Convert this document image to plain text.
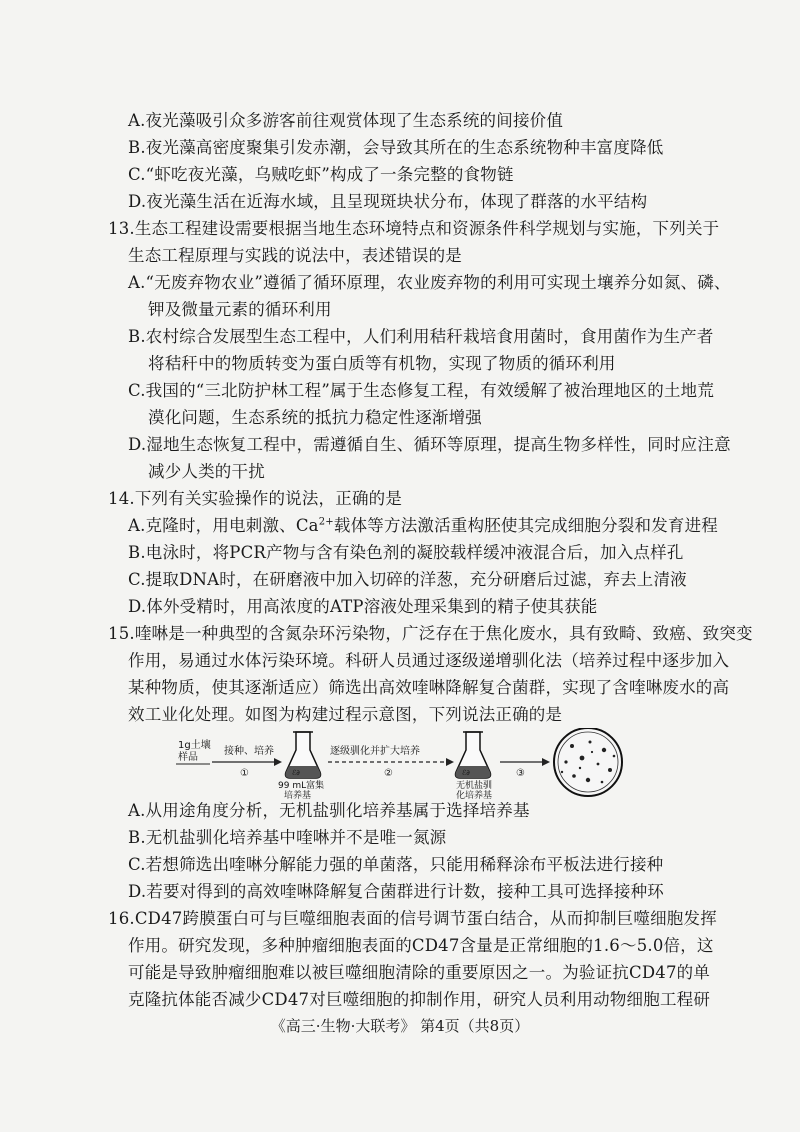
A.夜光藻吸引众多游客前往观赏体现了生态系统的间接价值
B.夜光藻高密度聚集引发赤潮，会导致其所在的生态系统物种丰富度降低
C.“虾吃夜光藻，乌贼吃虾”构成了一条完整的食物链
D.夜光藻生活在近海水域，且呈现斑块状分布，体现了群落的水平结构
13.生态工程建设需要根据当地生态环境特点和资源条件科学规划与实施，下列关于
生态工程原理与实践的说法中，表述错误的是
A.“无废弃物农业”遵循了循环原理，农业废弃物的利用可实现土壤养分如氮、磷、
钾及微量元素的循环利用
B.农村综合发展型生态工程中，人们利用秸秆栽培食用菌时，食用菌作为生产者
将秸秆中的物质转变为蛋白质等有机物，实现了物质的循环利用
C.我国的“三北防护林工程”属于生态修复工程，有效缓解了被治理地区的土地荒
漠化问题，生态系统的抵抗力稳定性逐渐增强
D.湿地生态恢复工程中，需遵循自生、循环等原理，提高生物多样性，同时应注意
减少人类的干扰
14.下列有关实验操作的说法，正确的是
A.克隆时，用电刺激、$Ca^{2+}$载体等方法激活重构胚使其完成细胞分裂和发育进程
B.电泳时，将PCR产物与含有染色剂的凝胶载样缓冲液混合后，加入点样孔
C.提取DNA时，在研磨液中加入切碎的洋葱，充分研磨后过滤，弃去上清液
D.体外受精时，用高浓度的ATP溶液处理采集到的精子使其获能
15.喹啉是一种典型的含氮杂环污染物，广泛存在于焦化废水，具有致畸、致癌、致突变
作用，易通过水体污染环境。科研人员通过逐级递增驯化法（培养过程中逐步加入
某种物质，使其逐渐适应）筛选出高效喹啉降解复合菌群，实现了含喹啉废水的高
效工业化处理。如图为构建过程示意图，下列说法正确的是
1g土壤
样品
接种、培养
①	ℰ∂
99 mL富集
培养基
逐级驯化并扩大培养
②	ℰ∂
无机盐驯
化培养基
③
A.从用途角度分析，无机盐驯化培养基属于选择培养基
B.无机盐驯化培养基中喹啉并不是唯一氮源
C.若想筛选出喹啉分解能力强的单菌落，只能用稀释涂布平板法进行接种
D.若要对得到的高效喹啉降解复合菌群进行计数，接种工具可选择接种环
16.CD47跨膜蛋白可与巨噬细胞表面的信号调节蛋白结合，从而抑制巨噬细胞发挥
作用。研究发现，多种肿瘤细胞表面的CD47含量是正常细胞的1.6～5.0倍，这
可能是导致肿瘤细胞难以被巨噬细胞清除的重要原因之一。为验证抗CD47的单
克隆抗体能否减少CD47对巨噬细胞的抑制作用，研究人员利用动物细胞工程研
《高三·生物·大联考》 第4页（共8页）
